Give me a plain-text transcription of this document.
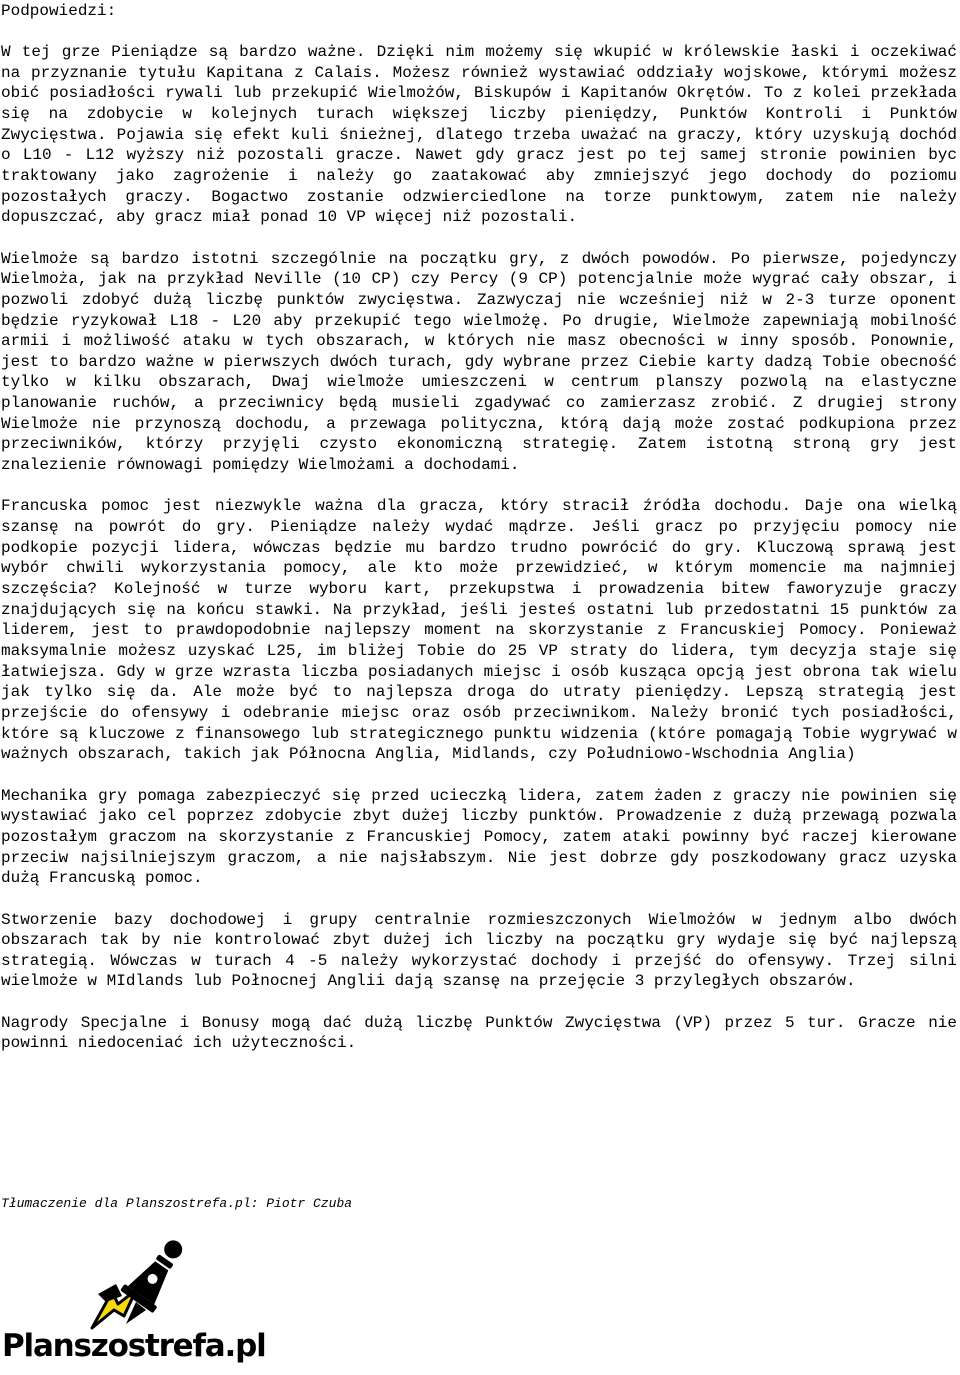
Podpowiedzi:

W tej grze Pieniądze są bardzo ważne. Dzięki nim możemy się wkupić w królewskie łaski i oczekiwać na przyznanie tytułu Kapitana z Calais. Możesz również wystawiać oddziały wojskowe, którymi możesz obić posiadłości rywali lub przekupić Wielmożów, Biskupów i Kapitanów Okrętów. To z kolei przekłada się na zdobycie w kolejnych turach większej liczby pieniędzy, Punktów Kontroli i Punktów Zwycięstwa. Pojawia się efekt kuli śnieżnej, dlatego trzeba uważać na graczy, który uzyskują dochód o L10 - L12 wyższy niż pozostali gracze. Nawet gdy gracz jest po tej samej stronie powinien byc traktowany jako zagrożenie i należy go zaatakować aby zmniejszyć jego dochody do poziomu pozostałych graczy. Bogactwo zostanie odzwierciedlone na torze punktowym, zatem nie należy dopuszczać, aby gracz miał ponad 10 VP więcej niż pozostali.

Wielmoże są bardzo istotni szczególnie na początku gry, z dwóch powodów. Po pierwsze, pojedynczy Wielmoża, jak na przykład Neville (10 CP) czy Percy (9 CP) potencjalnie może wygrać cały obszar, i pozwoli zdobyć dużą liczbę punktów zwycięstwa. Zazwyczaj nie wcześniej niż w 2-3 turze oponent będzie ryzykował L18 - L20 aby przekupić tego wielmożę. Po drugie, Wielmoże zapewniają mobilność armii i możliwość ataku w tych obszarach, w których nie masz obecności w inny sposób. Ponownie, jest to bardzo ważne w pierwszych dwóch turach, gdy wybrane przez Ciebie karty dadzą Tobie obecność tylko w kilku obszarach, Dwaj wielmoże umieszczeni w centrum planszy pozwolą na elastyczne planowanie ruchów, a przeciwnicy będą musieli zgadywać co zamierzasz zrobić. Z drugiej strony Wielmoże nie przynoszą dochodu, a przewaga polityczna, którą dają może zostać podkupiona przez przeciwników, którzy przyjęli czysto ekonomiczną strategię. Zatem istotną stroną gry jest znalezienie równowagi pomiędzy Wielmożami a dochodami.

Francuska pomoc jest niezwykle ważna dla gracza, który stracił źródła dochodu. Daje ona wielką szansę na powrót do gry. Pieniądze należy wydać mądrze. Jeśli gracz po przyjęciu pomocy nie podkopie pozycji lidera, wówczas będzie mu bardzo trudno powrócić do gry. Kluczową sprawą jest wybór chwili wykorzystania pomocy, ale kto może przewidzieć, w którym momencie ma najmniej szczęścia? Kolejność w turze wyboru kart, przekupstwa i prowadzenia bitew faworyzuje graczy znajdujących się na końcu stawki. Na przykład, jeśli jesteś ostatni lub przedostatni 15 punktów za liderem, jest to prawdopodobnie najlepszy moment na skorzystanie z Francuskiej Pomocy. Ponieważ maksymalnie możesz uzyskać L25, im bliżej Tobie do 25 VP straty do lidera, tym decyzja staje się łatwiejsza. Gdy w grze wzrasta liczba posiadanych miejsc i osób kusząca opcją jest obrona tak wielu jak tylko się da. Ale może być to najlepsza droga do utraty pieniędzy. Lepszą strategią jest przejście do ofensywy i odebranie miejsc oraz osób przeciwnikom. Należy bronić tych posiadłości, które są kluczowe z finansowego lub strategicznego punktu widzenia (które pomagają Tobie wygrywać w ważnych obszarach, takich jak Północna Anglia, Midlands, czy Południowo-Wschodnia Anglia)

Mechanika gry pomaga zabezpieczyć się przed ucieczką lidera, zatem żaden z graczy nie powinien się wystawiać jako cel poprzez zdobycie zbyt dużej liczby punktów. Prowadzenie z dużą przewagą pozwala pozostałym graczom na skorzystanie z Francuskiej Pomocy, zatem ataki powinny być raczej kierowane przeciw najsilniejszym graczom, a nie najsłabszym. Nie jest dobrze gdy poszkodowany gracz uzyska dużą Francuską pomoc.

Stworzenie bazy dochodowej i grupy centralnie rozmieszczonych Wielmożów w jednym albo dwóch obszarach tak by nie kontrolować zbyt dużej ich liczby na początku gry wydaje się być najlepszą strategią. Wówczas w turach 4 -5 należy wykorzystać dochody i przejść do ofensywy. Trzej silni wielmoże w MIdlands lub Połnocnej Anglii dają szansę na przejęcie 3 przyległych obszarów.

Nagrody Specjalne i Bonusy mogą dać dużą liczbę Punktów Zwycięstwa (VP) przez 5 tur. Gracze nie powinni niedoceniać ich użyteczności.

Tłumaczenie dla Planszostrefa.pl: Piotr Czuba
Planszostrefa.pl
